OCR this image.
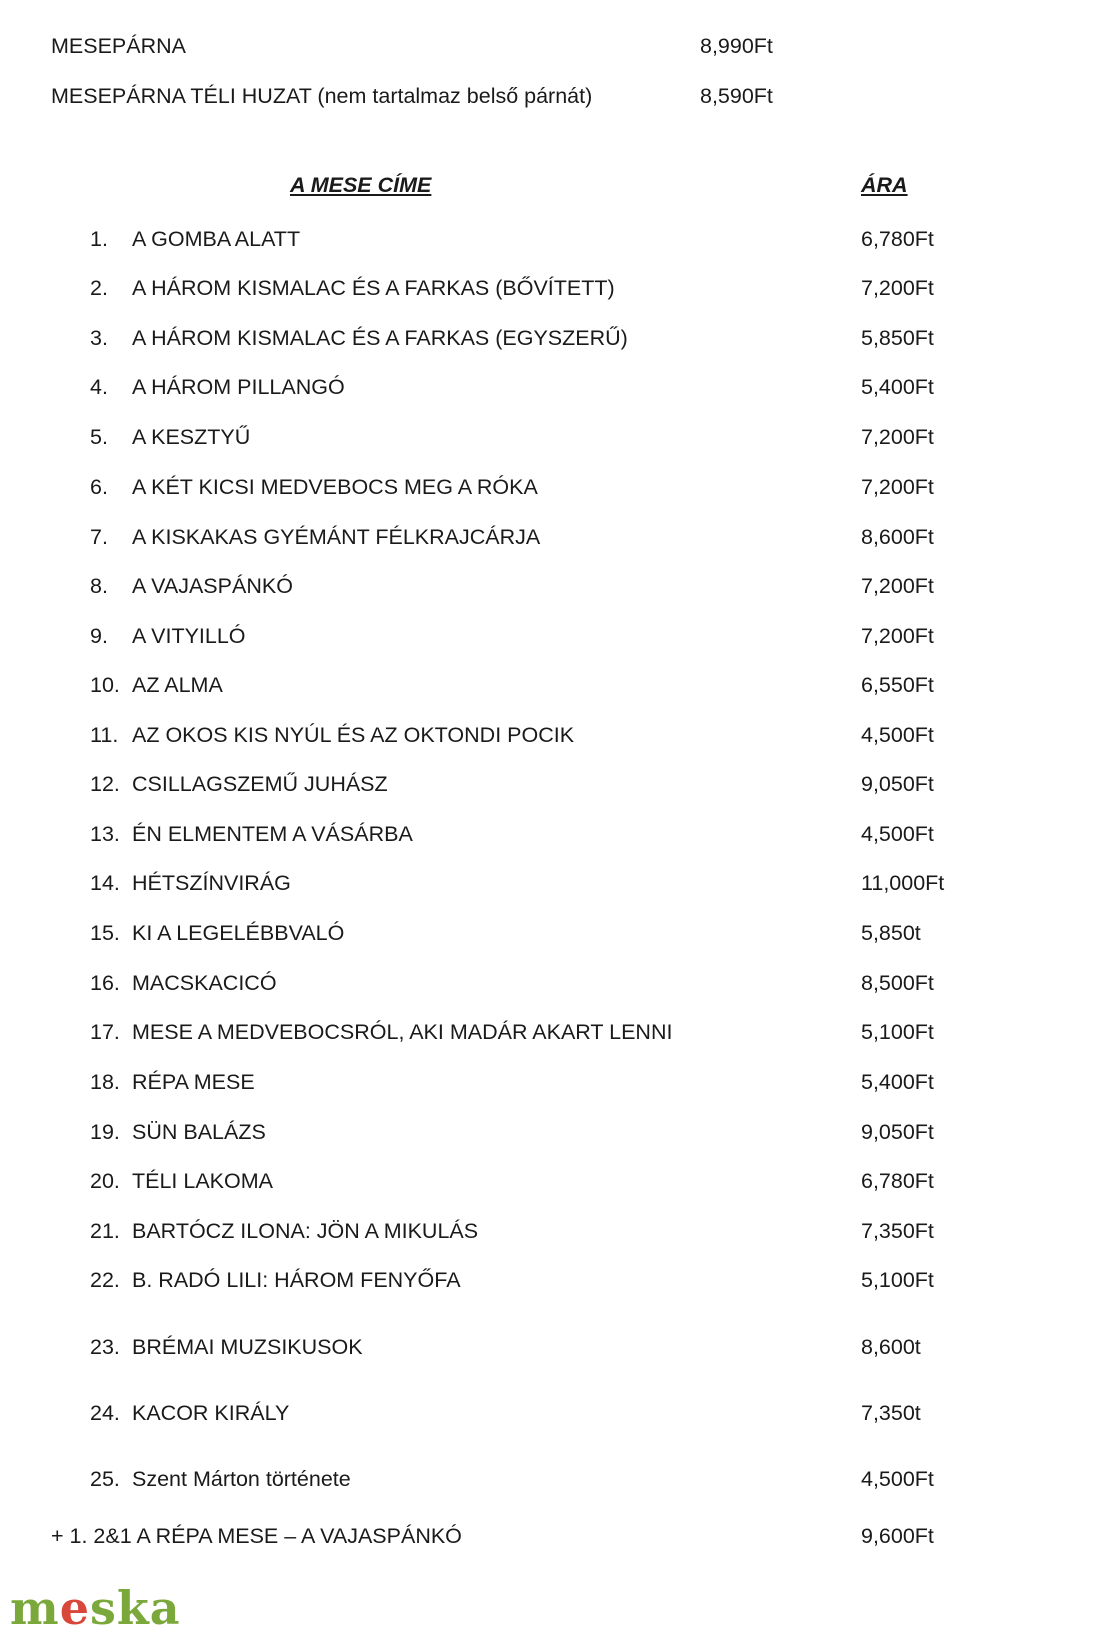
MESEPÁRNA	8,990Ft
MESEPÁRNA TÉLI HUZAT (nem tartalmaz belső párnát)	8,590Ft
A MESE CÍME	ÁRA
1.	A GOMBA ALATT	6,780Ft
2.	A HÁROM KISMALAC ÉS A FARKAS (BŐVÍTETT)	7,200Ft
3.	A HÁROM KISMALAC ÉS A FARKAS (EGYSZERŰ)	5,850Ft
4.	A HÁROM PILLANGÓ	5,400Ft
5.	A KESZTYŰ	7,200Ft
6.	A KÉT KICSI MEDVEBOCS MEG A RÓKA	7,200Ft
7.	A KISKAKAS GYÉMÁNT FÉLKRAJCÁRJA	8,600Ft
8.	A VAJASPÁNKÓ	7,200Ft
9.	A VITYILLÓ	7,200Ft
10. AZ ALMA	6,550Ft
11. AZ OKOS KIS NYÚL ÉS AZ OKTONDI POCIK	4,500Ft
12. CSILLAGSZEMŰ JUHÁSZ	9,050Ft
13. ÉN ELMENTEM A VÁSÁRBA	4,500Ft
14. HÉTSZÍNVIRÁG	11,000Ft
15. KI A LEGELÉBBVALÓ	5,850t
16. MACSKACICÓ	8,500Ft
17. MESE A MEDVEBOCSRÓL, AKI MADÁR AKART LENNI	5,100Ft
18. RÉPA MESE	5,400Ft
19. SÜN BALÁZS	9,050Ft
20. TÉLI LAKOMA	6,780Ft
21. BARTÓCZ ILONA: JÖN A MIKULÁS	7,350Ft
22. B. RADÓ LILI: HÁROM FENYŐFA	5,100Ft
23. BRÉMAI MUZSIKUSOK	8,600t
24. KACOR KIRÁLY	7,350t
25. Szent Márton története	4,500Ft
+ 1. 2&1 A RÉPA MESE – A VAJASPÁNKÓ	9,600Ft
meska
